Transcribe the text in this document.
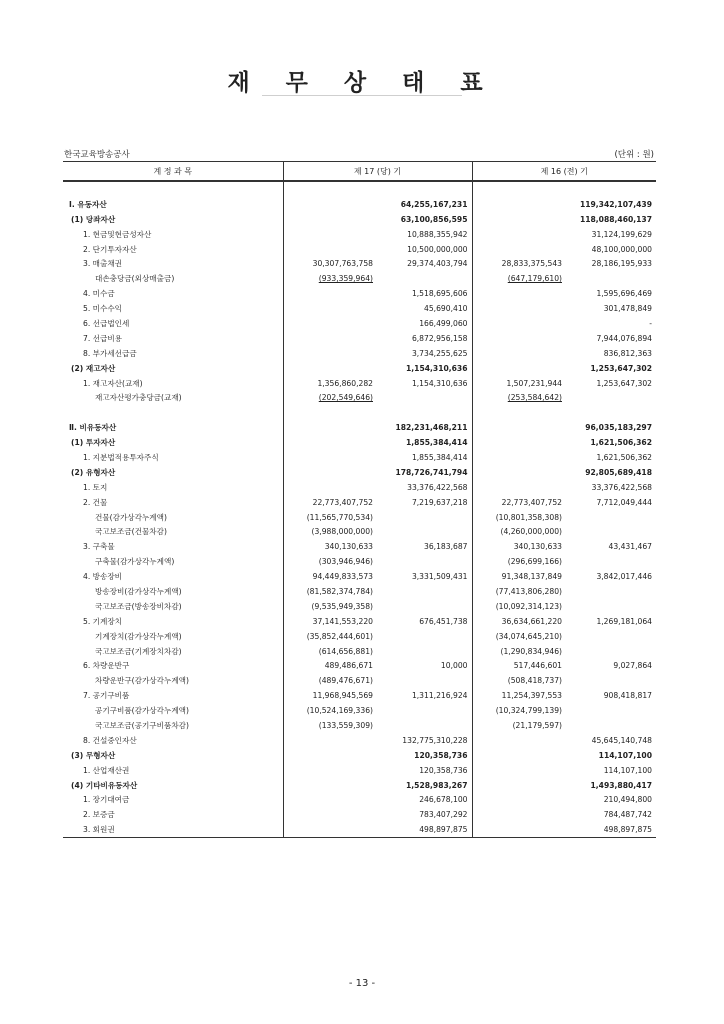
재 무 상 태 표
한국교육방송공사	(단위 : 원)
계 정 과 목	제 17 (당) 기		제 16 (전) 기	

Ⅰ. 유동자산		64,255,167,231		119,342,107,439
(1) 당좌자산		63,100,856,595		118,088,460,137
1. 현금및현금성자산		10,888,355,942		31,124,199,629
2. 단기투자자산		10,500,000,000		48,100,000,000
3. 매출채권	30,307,763,758	29,374,403,794	28,833,375,543	28,186,195,933
대손충당금(외상매출금)	(933,359,964)		(647,179,610)	
4. 미수금		1,518,695,606		1,595,696,469
5. 미수수익		45,690,410		301,478,849
6. 선급법인세		166,499,060		-
7. 선급비용		6,872,956,158		7,944,076,894
8. 부가세선급금		3,734,255,625		836,812,363
(2) 재고자산		1,154,310,636		1,253,647,302
1. 재고자산(교재)	1,356,860,282	1,154,310,636	1,507,231,944	1,253,647,302
재고자산평가충당금(교재)	(202,549,646)		(253,584,642)	

Ⅱ. 비유동자산		182,231,468,211		96,035,183,297
(1) 투자자산		1,855,384,414		1,621,506,362
1. 지분법적용투자주식		1,855,384,414		1,621,506,362
(2) 유형자산		178,726,741,794		92,805,689,418
1. 토지		33,376,422,568		33,376,422,568
2. 건물	22,773,407,752	7,219,637,218	22,773,407,752	7,712,049,444
건물(감가상각누계액)	(11,565,770,534)		(10,801,358,308)	
국고보조금(건물차감)	(3,988,000,000)		(4,260,000,000)	
3. 구축물	340,130,633	36,183,687	340,130,633	43,431,467
구축물(감가상각누계액)	(303,946,946)		(296,699,166)	
4. 방송장비	94,449,833,573	3,331,509,431	91,348,137,849	3,842,017,446
방송장비(감가상각누계액)	(81,582,374,784)		(77,413,806,280)	
국고보조금(방송장비차감)	(9,535,949,358)		(10,092,314,123)	
5. 기계장치	37,141,553,220	676,451,738	36,634,661,220	1,269,181,064
기계장치(감가상각누계액)	(35,852,444,601)		(34,074,645,210)	
국고보조금(기계장치차감)	(614,656,881)		(1,290,834,946)	
6. 차량운반구	489,486,671	10,000	517,446,601	9,027,864
차량운반구(감가상각누계액)	(489,476,671)		(508,418,737)	
7. 공기구비품	11,968,945,569	1,311,216,924	11,254,397,553	908,418,817
공기구비품(감가상각누계액)	(10,524,169,336)		(10,324,799,139)	
국고보조금(공기구비품차감)	(133,559,309)		(21,179,597)	
8. 건설중인자산		132,775,310,228		45,645,140,748
(3) 무형자산		120,358,736		114,107,100
1. 산업재산권		120,358,736		114,107,100
(4) 기타비유동자산		1,528,983,267		1,493,880,417
1. 장기대여금		246,678,100		210,494,800
2. 보증금		783,407,292		784,487,742
3. 회원권		498,897,875		498,897,875
- 13 -
